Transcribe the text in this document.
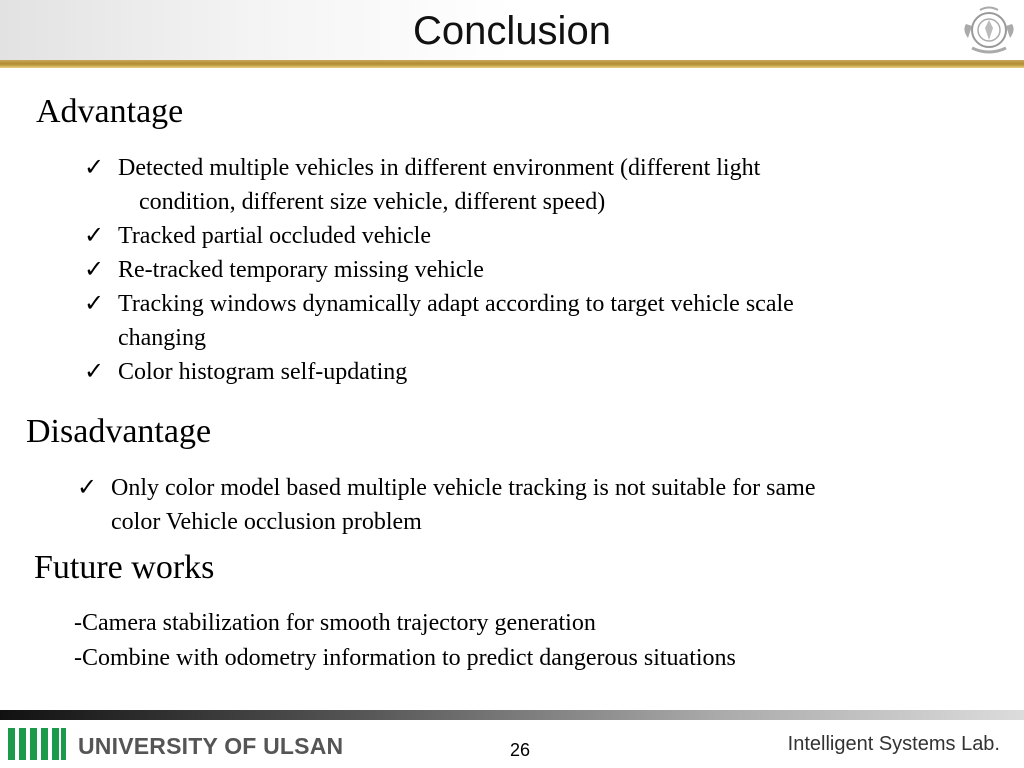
Conclusion
Advantage
✓ Detected multiple vehicles in different environment (different light
condition, different size vehicle, different speed)
✓ Tracked partial occluded vehicle
✓ Re-tracked temporary missing vehicle
✓ Tracking windows dynamically adapt according to target vehicle scale
changing
✓ Color histogram self-updating
Disadvantage
✓ Only color model based multiple vehicle tracking is not suitable for same
color Vehicle occlusion problem
Future works
-Camera stabilization for smooth trajectory generation
-Combine with odometry information to predict dangerous situations
UNIVERSITY OF ULSAN	26	Intelligent Systems Lab.
